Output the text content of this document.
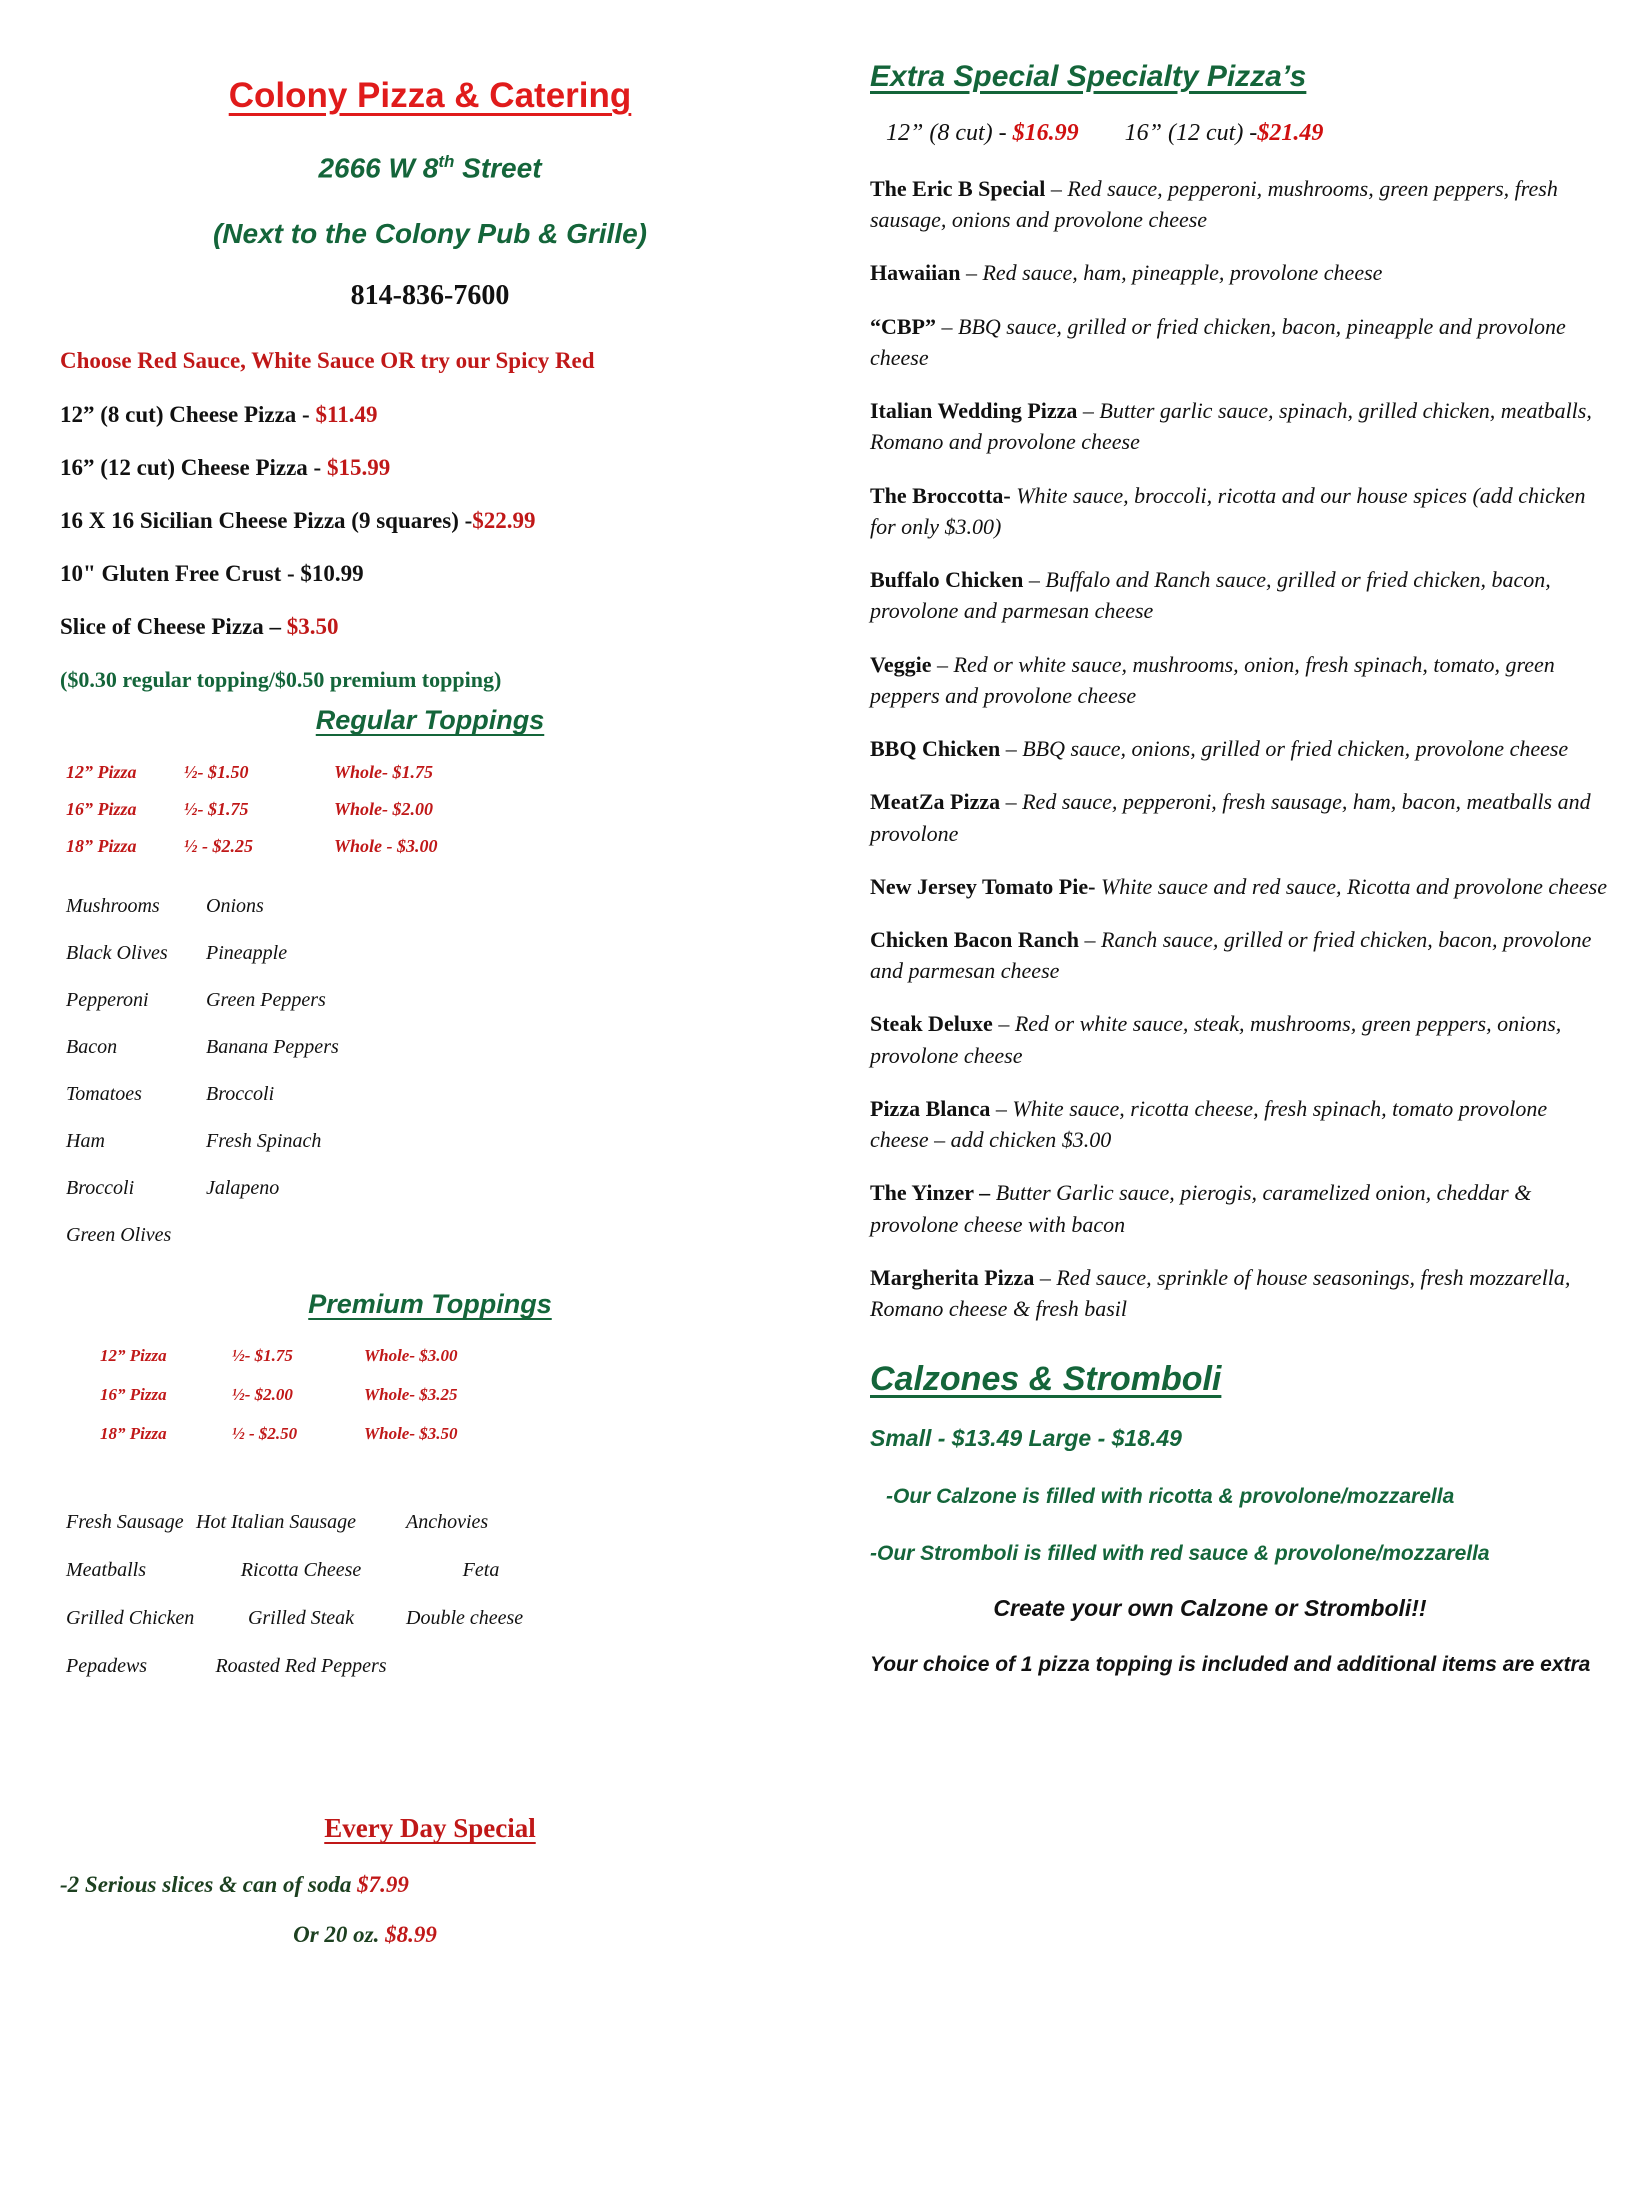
Colony Pizza & Catering
2666 W 8th Street
(Next to the Colony Pub & Grille)
814-836-7600
Choose Red Sauce, White Sauce OR try our Spicy Red
12” (8 cut) Cheese Pizza - $11.49
16” (12 cut) Cheese Pizza - $15.99
16 X 16 Sicilian Cheese Pizza (9 squares) -$22.99
10" Gluten Free Crust - $10.99
Slice of Cheese Pizza – $3.50
($0.30 regular topping/$0.50 premium topping)
Regular Toppings
12” Pizza	½- $1.50	Whole- $1.75
16” Pizza	½- $1.75	Whole- $2.00
18” Pizza	½ - $2.25	Whole - $3.00
Mushrooms	Onions
Black Olives	Pineapple
Pepperoni	Green Peppers
Bacon	Banana Peppers
Tomatoes	Broccoli
Ham	Fresh Spinach
Broccoli	Jalapeno
Green Olives	
Premium Toppings
12” Pizza	½- $1.75	Whole- $3.00
16” Pizza	½- $2.00	Whole- $3.25
18” Pizza	½ - $2.50	Whole- $3.50
Fresh Sausage	Hot Italian Sausage	Anchovies
Meatballs	Ricotta Cheese	Feta
Grilled Chicken	Grilled Steak	Double cheese
Pepadews	Roasted Red Peppers	
Every Day Special
-2 Serious slices & can of soda $7.99
Or 20 oz. $8.99
Extra Special Specialty Pizza’s
12” (8 cut) - $16.99 16” (12 cut) -$21.49
The Eric B Special – Red sauce, pepperoni, mushrooms, green peppers, fresh sausage, onions and provolone cheese
Hawaiian – Red sauce, ham, pineapple, provolone cheese
“CBP” – BBQ sauce, grilled or fried chicken, bacon, pineapple and provolone cheese
Italian Wedding Pizza – Butter garlic sauce, spinach, grilled chicken, meatballs, Romano and provolone cheese
The Broccotta- White sauce, broccoli, ricotta and our house spices (add chicken for only $3.00)
Buffalo Chicken – Buffalo and Ranch sauce, grilled or fried chicken, bacon, provolone and parmesan cheese
Veggie – Red or white sauce, mushrooms, onion, fresh spinach, tomato, green peppers and provolone cheese
BBQ Chicken – BBQ sauce, onions, grilled or fried chicken, provolone cheese
MeatZa Pizza – Red sauce, pepperoni, fresh sausage, ham, bacon, meatballs and provolone
New Jersey Tomato Pie- White sauce and red sauce, Ricotta and provolone cheese
Chicken Bacon Ranch – Ranch sauce, grilled or fried chicken, bacon, provolone and parmesan cheese
Steak Deluxe – Red or white sauce, steak, mushrooms, green peppers, onions, provolone cheese
Pizza Blanca – White sauce, ricotta cheese, fresh spinach, tomato provolone cheese – add chicken $3.00
The Yinzer – Butter Garlic sauce, pierogis, caramelized onion, cheddar & provolone cheese with bacon
Margherita Pizza – Red sauce, sprinkle of house seasonings, fresh mozzarella, Romano cheese & fresh basil
Calzones & Stromboli
Small - $13.49 Large - $18.49
-Our Calzone is filled with ricotta & provolone/mozzarella
-Our Stromboli is filled with red sauce & provolone/mozzarella
Create your own Calzone or Stromboli!!
Your choice of 1 pizza topping is included and additional items are extra
